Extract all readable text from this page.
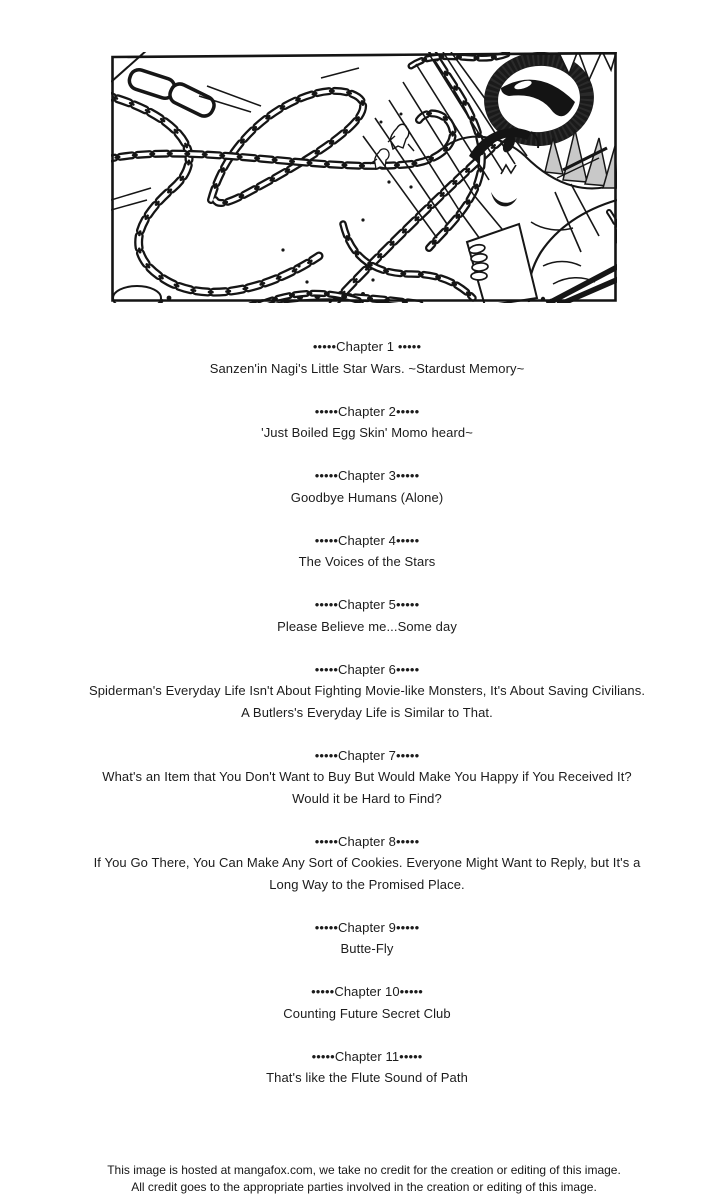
•••••Chapter 1 •••••
Sanzen'in Nagi's Little Star Wars. ~Stardust Memory~
•••••Chapter 2•••••
'Just Boiled Egg Skin' Momo heard~
•••••Chapter 3•••••
Goodbye Humans (Alone)
•••••Chapter 4•••••
The Voices of the Stars
•••••Chapter 5•••••
Please Believe me...Some day
•••••Chapter 6•••••
Spiderman's Everyday Life Isn't About Fighting Movie-like Monsters, It's About Saving Civilians.
A Butlers's Everyday Life is Similar to That.
•••••Chapter 7•••••
What's an Item that You Don't Want to Buy But Would Make You Happy if You Received It?
Would it be Hard to Find?
•••••Chapter 8•••••
If You Go There, You Can Make Any Sort of Cookies. Everyone Might Want to Reply, but It's a
Long Way to the Promised Place.
•••••Chapter 9•••••
Butte-Fly
•••••Chapter 10•••••
Counting Future Secret Club
•••••Chapter 11•••••
That's like the Flute Sound of Path
This image is hosted at mangafox.com, we take no credit for the creation or editing of this image.
All credit goes to the appropriate parties involved in the creation or editing of this image.
